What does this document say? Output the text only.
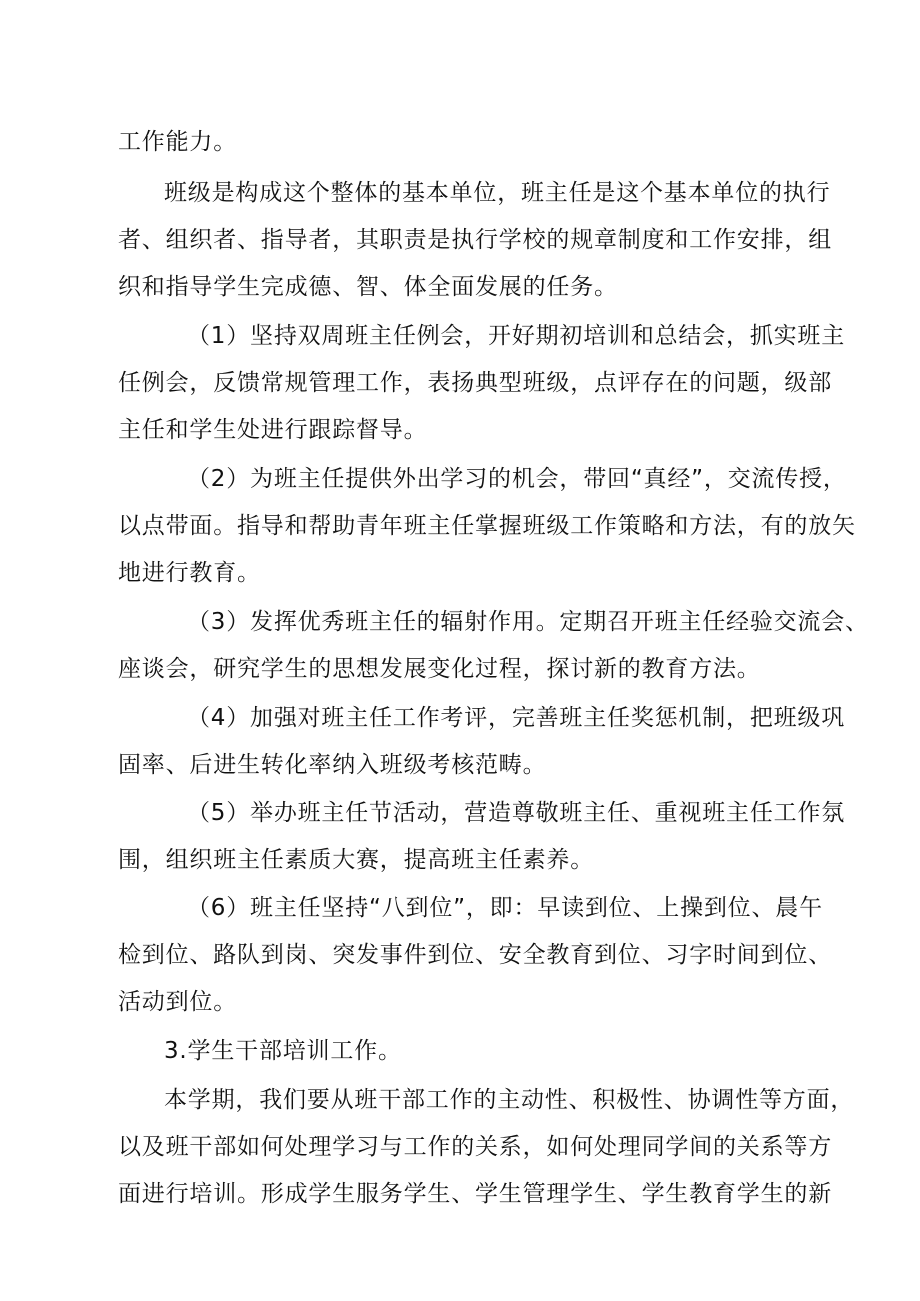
工作能力。
班级是构成这个整体的基本单位，班主任是这个基本单位的执行
者、组织者、指导者，其职责是执行学校的规章制度和工作安排，组
织和指导学生完成德、智、体全面发展的任务。
（1）坚持双周班主任例会，开好期初培训和总结会，抓实班主
任例会，反馈常规管理工作，表扬典型班级，点评存在的问题，级部
主任和学生处进行跟踪督导。
（2）为班主任提供外出学习的机会，带回“真经”，交流传授，
以点带面。指导和帮助青年班主任掌握班级工作策略和方法，有的放矢
地进行教育。
（3）发挥优秀班主任的辐射作用。定期召开班主任经验交流会、
座谈会，研究学生的思想发展变化过程，探讨新的教育方法。
（4）加强对班主任工作考评，完善班主任奖惩机制，把班级巩
固率、后进生转化率纳入班级考核范畴。
（5）举办班主任节活动，营造尊敬班主任、重视班主任工作氛
围，组织班主任素质大赛，提高班主任素养。
（6）班主任坚持“八到位”，即：早读到位、上操到位、晨午
检到位、路队到岗、突发事件到位、安全教育到位、习字时间到位、
活动到位。
3.学生干部培训工作。
本学期，我们要从班干部工作的主动性、积极性、协调性等方面，
以及班干部如何处理学习与工作的关系，如何处理同学间的关系等方
面进行培训。形成学生服务学生、学生管理学生、学生教育学生的新
